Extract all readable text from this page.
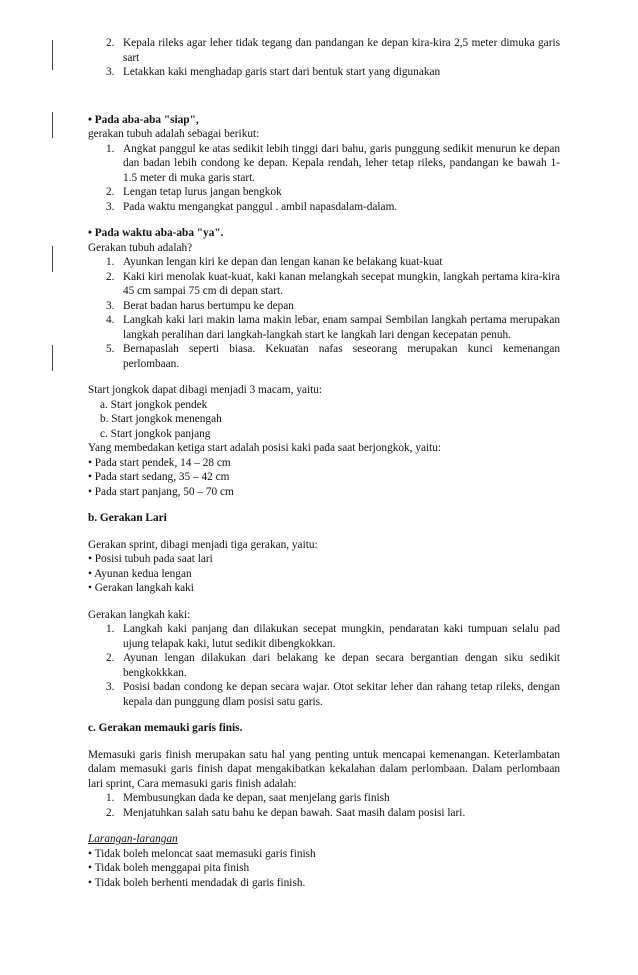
2. Kepala rileks agar leher tidak tegang dan pandangan ke depan kira-kira 2,5 meter dimuka garis sart
3. Letakkan kaki menghadap garis start dari bentuk start yang digunakan

• Pada aba-aba "siap",

gerakan tubuh adalah sebagai berikut:

1. Angkat panggul ke atas sedikit lebih tinggi dari bahu, garis punggung sedikit menurun ke depan dan badan lebih condong ke depan. Kepala rendah, leher tetap rileks, pandangan ke bawah 1- 1.5 meter di muka garis start.
2. Lengan tetap lurus jangan bengkok
3. Pada waktu mengangkat panggul . ambil napasdalam-dalam.

• Pada waktu aba-aba "ya".

Gerakan tubuh adalah?

1. Ayunkan lengan kiri ke depan dan lengan kanan ke belakang kuat-kuat
2. Kaki kiri menolak kuat-kuat, kaki kanan melangkah secepat mungkin, langkah pertama kira-kira 45 cm sampai 75 cm di depan start.
3. Berat badan harus bertumpu ke depan
4. Langkah kaki lari makin lama makin lebar, enam sampai Sembilan langkah pertama merupakan langkah peralihan dari langkah-langkah start ke langkah lari dengan kecepatan penuh.
5. Bernapaslah seperti biasa. Kekuatan nafas seseorang merupakan kunci kemenangan perlombaan.

Start jongkok dapat dibagi menjadi 3 macam, yaitu:

a. Start jongkok pendek

b. Start jongkok menengah

c. Start jongkok panjang

Yang membedakan ketiga start adalah posisi kaki pada saat berjongkok, yaitu:

• Pada start pendek, 14 – 28 cm

• Pada start sedang, 35 – 42 cm

• Pada start panjang, 50 – 70 cm

b. Gerakan Lari

Gerakan sprint, dibagi menjadi tiga gerakan, yaitu:

• Posisi tubuh pada saat lari

• Ayunan kedua lengan

• Gerakan langkah kaki

Gerakan langkah kaki:

1. Langkah kaki panjang dan dilakukan secepat mungkin, pendaratan kaki tumpuan selalu pad ujung telapak kaki, lutut sedikit dibengkokkan.
2. Ayunan lengan dilakukan dari belakang ke depan secara bergantian dengan siku sedikit bengkokkkan.
3. Posisi badan condong ke depan secara wajar. Otot sekitar leher dan rahang tetap rileks, dengan kepala dan punggung dlam posisi satu garis.

c. Gerakan memauki garis finis.

Memasuki garis finish merupakan satu hal yang penting untuk mencapai kemenangan. Keterlambatan dalam memasuki garis finish dapat mengakibatkan kekalahan dalam perlombaan. Dalam perlombaan lari sprint, Cara memasuki garis finish adalah:

1. Membusungkan dada ke depan, saat menjelang garis finish
2. Menjatuhkan salah satu bahu ke depan bawah. Saat masih dalam posisi lari.

Larangan-larangan

• Tidak boleh meloncat saat memasuki garis finish

• Tidak boleh menggapai pita finish

• Tidak boleh berhenti mendadak di garis finish.
